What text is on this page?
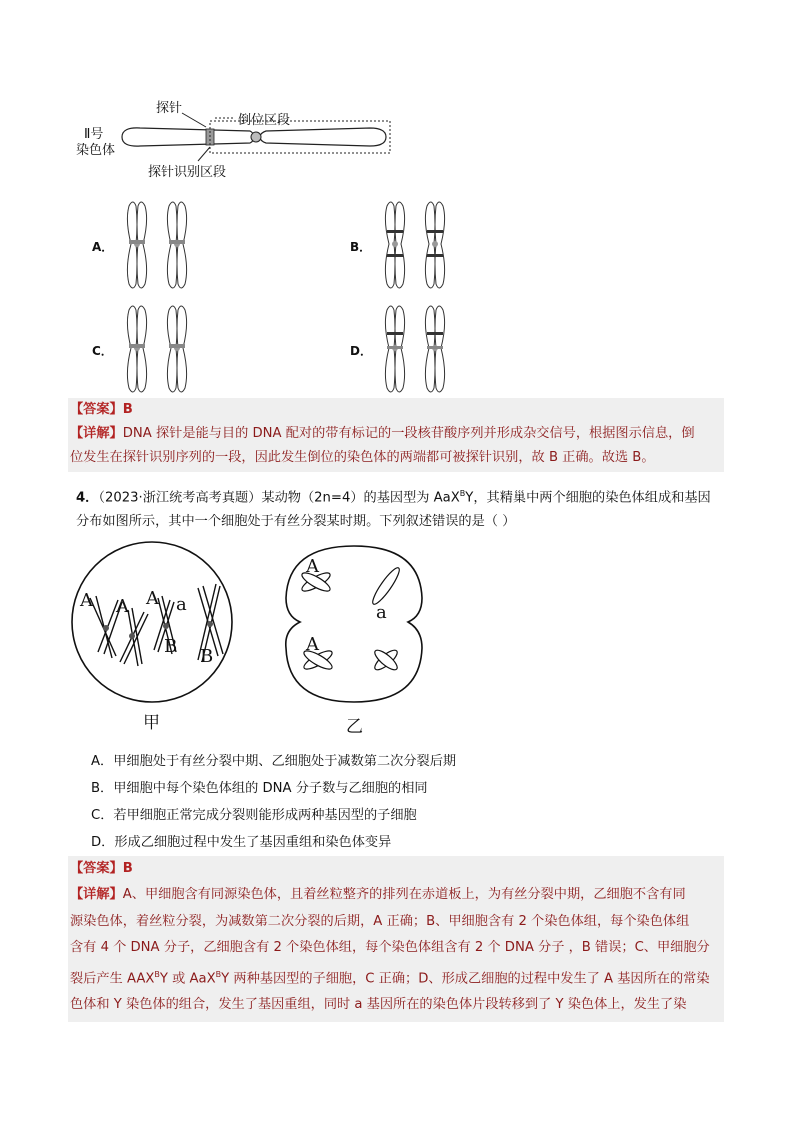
Ⅱ号
染色体
探针
倒位区段
探针识别区段
A．	B．
C．	D．

【答案】B

【详解】DNA 探针是能与目的 DNA 配对的带有标记的一段核苷酸序列并形成杂交信号，根据图示信息，倒

位发生在探针识别序列的一段，因此发生倒位的染色体的两端都可被探针识别，故 B 正确。故选 B。

4．（2023·浙江统考高考真题）某动物（2n=4）的基因型为 AaX$^B$Y，其精巢中两个细胞的染色体组成和基因
分布如图所示，其中一个细胞处于有丝分裂某时期。下列叙述错误的是（ ）
A A A a
B B
A
a
A
甲	乙
A．甲细胞处于有丝分裂中期、乙细胞处于减数第二次分裂后期
B．甲细胞中每个染色体组的 DNA 分子数与乙细胞的相同
C．若甲细胞正常完成分裂则能形成两种基因型的子细胞
D．形成乙细胞过程中发生了基因重组和染色体变异

【答案】B

【详解】A、甲细胞含有同源染色体，且着丝粒整齐的排列在赤道板上，为有丝分裂中期，乙细胞不含有同

源染色体，着丝粒分裂，为减数第二次分裂的后期，A 正确；B、甲细胞含有 2 个染色体组，每个染色体组

含有 4 个 DNA 分子，乙细胞含有 2 个染色体组，每个染色体组含有 2 个 DNA 分子 ，B 错误；C、甲细胞分

裂后产生 $AAX^BY$ 或 AaX$^B$Y 两种基因型的子细胞，C 正确；D、形成乙细胞的过程中发生了 A 基因所在的常染

色体和 Y 染色体的组合，发生了基因重组，同时 a 基因所在的染色体片段转移到了 Y 染色体上，发生了染
